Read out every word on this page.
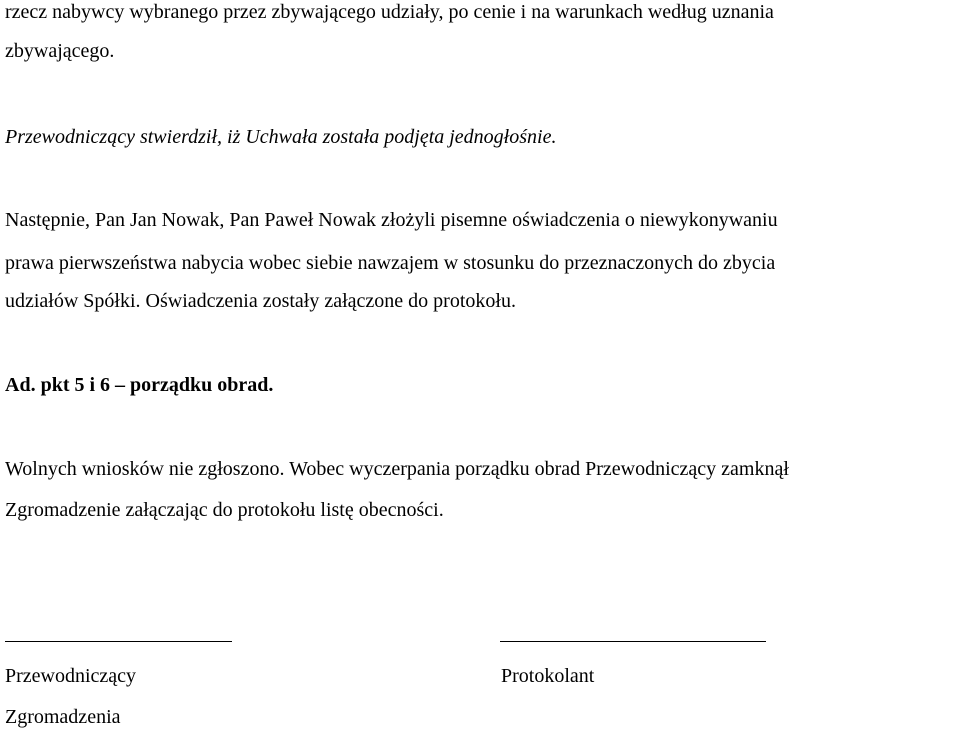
rzecz nabywcy wybranego przez zbywającego udziały, po cenie i na warunkach według uznania
zbywającego.
Przewodniczący stwierdził, iż Uchwała została podjęta jednogłośnie.
Następnie, Pan Jan Nowak, Pan Paweł Nowak złożyli pisemne oświadczenia o niewykonywaniu
prawa pierwszeństwa nabycia wobec siebie nawzajem w stosunku do przeznaczonych do zbycia
udziałów Spółki. Oświadczenia zostały załączone do protokołu.
Ad. pkt 5 i 6 – porządku obrad.
Wolnych wniosków nie zgłoszono. Wobec wyczerpania porządku obrad Przewodniczący zamknął
Zgromadzenie załączając do protokołu listę obecności.
Przewodniczący
Zgromadzenia
Protokolant
